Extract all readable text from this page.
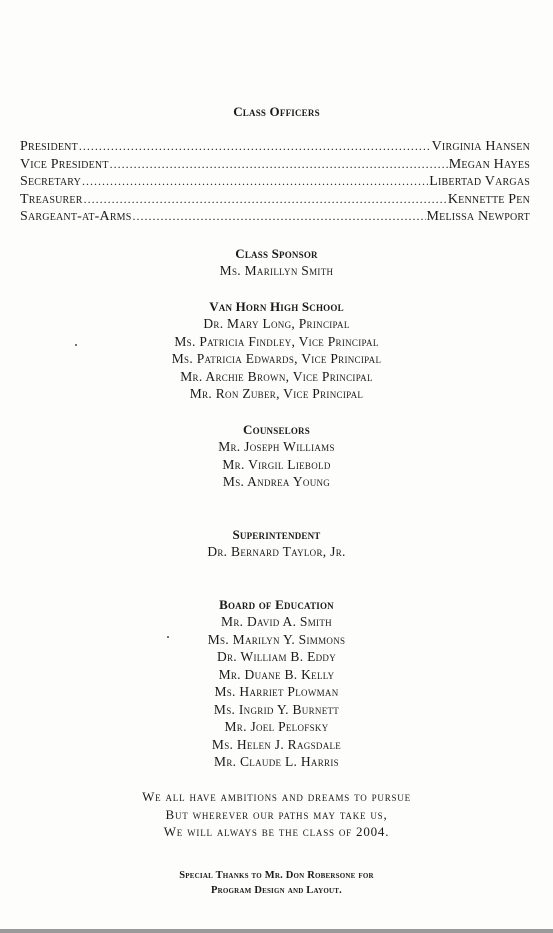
Class Officers
President .....	Virginia Hansen
Vice President .....	Megan Hayes
Secretary .....	Libertad Vargas
Treasurer .....	Kennette Pen
Sargeant-at-Arms .....	Melissa Newport
Class Sponsor
Ms. Marillyn Smith
Van Horn High School
Dr. Mary Long, Principal
Ms. Patricia Findley, Vice Principal
Ms. Patricia Edwards, Vice Principal
Mr. Archie Brown, Vice Principal
Mr. Ron Zuber, Vice Principal
Counselors
Mr. Joseph Williams
Mr. Virgil Liebold
Ms. Andrea Young
Superintendent
Dr. Bernard Taylor, Jr.
Board of Education
Mr. David A. Smith
Ms. Marilyn Y. Simmons
Dr. William B. Eddy
Mr. Duane B. Kelly
Ms. Harriet Plowman
Ms. Ingrid Y. Burnett
Mr. Joel Pelofsky
Ms. Helen J. Ragsdale
Mr. Claude L. Harris
We all have ambitions and dreams to pursue
But wherever our paths may take us,
We will always be the class of 2004.
Special Thanks to Mr. Don Robersone for
Program Design and Layout.
